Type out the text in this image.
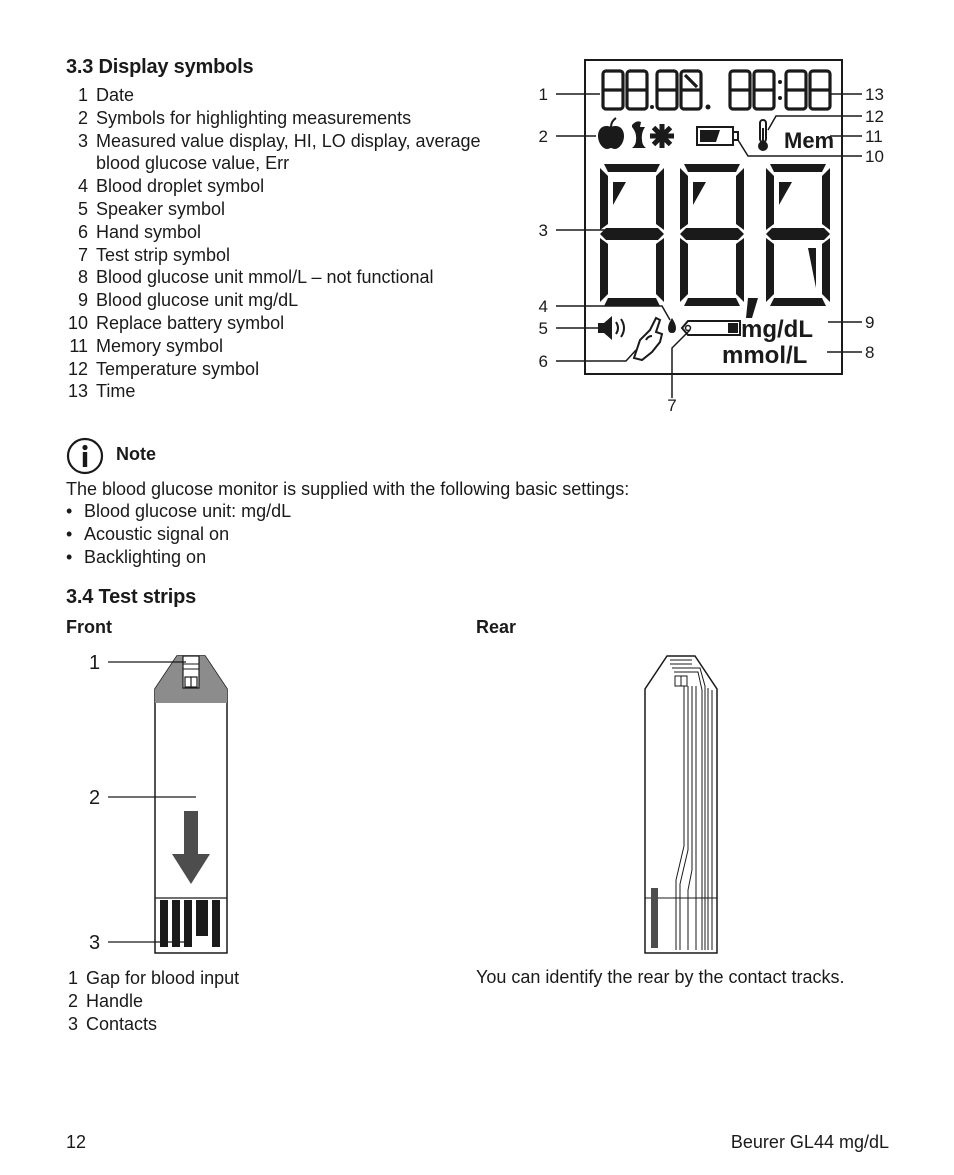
3.3 Display symbols
1 Date
2 Symbols for highlighting measurements
3 Measured value display, HI, LO display, average blood glucose value, Err
4 Blood droplet symbol
5 Speaker symbol
6 Hand symbol
7 Test strip symbol
8 Blood glucose unit mmol/L – not functional
9 Blood glucose unit mg/dL
10 Replace battery symbol
11 Memory symbol
12 Temperature symbol
13 Time
Mem
mg/dL
mmol/L
1
2
3
4
5
6
7
8
9
10
11
12
13
Note
The blood glucose monitor is supplied with the following basic settings:
• Blood glucose unit: mg/dL
• Acoustic signal on
• Backlighting on
3.4 Test strips
Front	Rear
1
2
3
1 Gap for blood input
2 Handle
3 Contacts
You can identify the rear by the contact tracks.
12	Beurer GL44 mg/dL
